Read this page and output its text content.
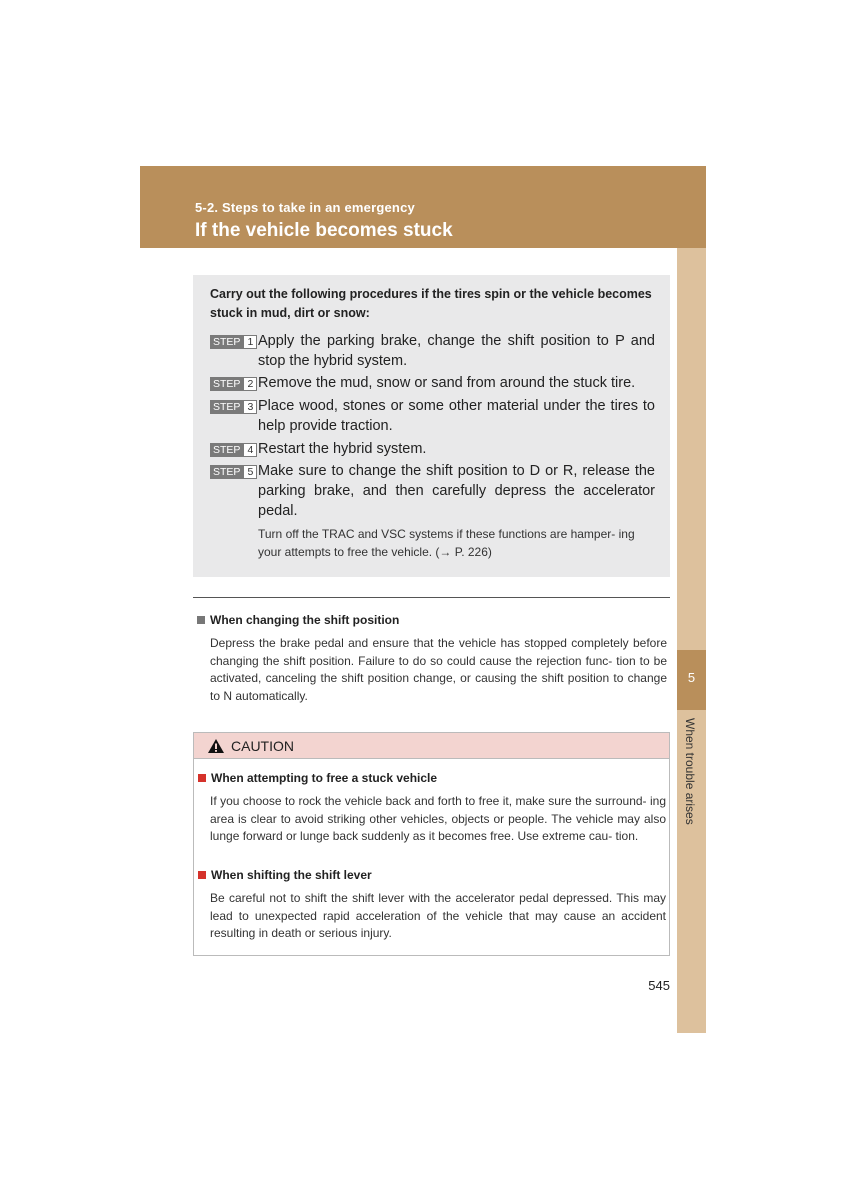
5-2. Steps to take in an emergency
If the vehicle becomes stuck
5
When trouble arises
Carry out the following procedures if the tires spin or the vehicle becomes stuck in mud, dirt or snow:
STEP 1 Apply the parking brake, change the shift position to P and stop the hybrid system.
STEP 2 Remove the mud, snow or sand from around the stuck tire.
STEP 3 Place wood, stones or some other material under the tires to help provide traction.
STEP 4 Restart the hybrid system.
STEP 5 Make sure to change the shift position to D or R, release the parking brake, and then carefully depress the accelerator pedal.
Turn off the TRAC and VSC systems if these functions are hamper- ing your attempts to free the vehicle. (→ P. 226)
When changing the shift position
Depress the brake pedal and ensure that the vehicle has stopped completely before changing the shift position. Failure to do so could cause the rejection func- tion to be activated, canceling the shift position change, or causing the shift position to change to N automatically.
CAUTION
When attempting to free a stuck vehicle
If you choose to rock the vehicle back and forth to free it, make sure the surround- ing area is clear to avoid striking other vehicles, objects or people. The vehicle may also lunge forward or lunge back suddenly as it becomes free. Use extreme cau- tion.
When shifting the shift lever
Be careful not to shift the shift lever with the accelerator pedal depressed. This may lead to unexpected rapid acceleration of the vehicle that may cause an accident resulting in death or serious injury.
545
